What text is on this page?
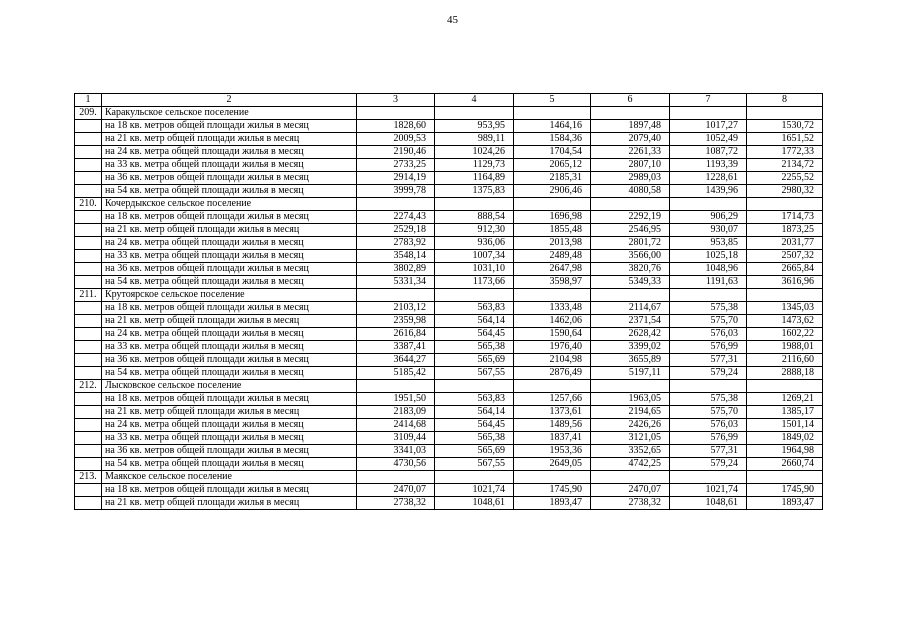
45
1	2	3	4	5	6	7	8
209.	Каракульское сельское поселение						
	на 18 кв. метров общей площади жилья в месяц	1828,60	953,95	1464,16	1897,48	1017,27	1530,72
	на 21 кв. метр общей площади жилья в месяц	2009,53	989,11	1584,36	2079,40	1052,49	1651,52
	на 24 кв. метра общей площади жилья в месяц	2190,46	1024,26	1704,54	2261,33	1087,72	1772,33
	на 33 кв. метра общей площади жилья в месяц	2733,25	1129,73	2065,12	2807,10	1193,39	2134,72
	на 36 кв. метров общей площади жилья в месяц	2914,19	1164,89	2185,31	2989,03	1228,61	2255,52
	на 54 кв. метра общей площади жилья в месяц	3999,78	1375,83	2906,46	4080,58	1439,96	2980,32
210.	Кочердыкское сельское поселение						
	на 18 кв. метров общей площади жилья в месяц	2274,43	888,54	1696,98	2292,19	906,29	1714,73
	на 21 кв. метр общей площади жилья в месяц	2529,18	912,30	1855,48	2546,95	930,07	1873,25
	на 24 кв. метра общей площади жилья в месяц	2783,92	936,06	2013,98	2801,72	953,85	2031,77
	на 33 кв. метра общей площади жилья в месяц	3548,14	1007,34	2489,48	3566,00	1025,18	2507,32
	на 36 кв. метров общей площади жилья в месяц	3802,89	1031,10	2647,98	3820,76	1048,96	2665,84
	на 54 кв. метра общей площади жилья в месяц	5331,34	1173,66	3598,97	5349,33	1191,63	3616,96
211.	Крутоярское сельское поселение						
	на 18 кв. метров общей площади жилья в месяц	2103,12	563,83	1333,48	2114,67	575,38	1345,03
	на 21 кв. метр общей площади жилья в месяц	2359,98	564,14	1462,06	2371,54	575,70	1473,62
	на 24 кв. метра общей площади жилья в месяц	2616,84	564,45	1590,64	2628,42	576,03	1602,22
	на 33 кв. метра общей площади жилья в месяц	3387,41	565,38	1976,40	3399,02	576,99	1988,01
	на 36 кв. метров общей площади жилья в месяц	3644,27	565,69	2104,98	3655,89	577,31	2116,60
	на 54 кв. метра общей площади жилья в месяц	5185,42	567,55	2876,49	5197,11	579,24	2888,18
212.	Лысковское сельское поселение						
	на 18 кв. метров общей площади жилья в месяц	1951,50	563,83	1257,66	1963,05	575,38	1269,21
	на 21 кв. метр общей площади жилья в месяц	2183,09	564,14	1373,61	2194,65	575,70	1385,17
	на 24 кв. метра общей площади жилья в месяц	2414,68	564,45	1489,56	2426,26	576,03	1501,14
	на 33 кв. метра общей площади жилья в месяц	3109,44	565,38	1837,41	3121,05	576,99	1849,02
	на 36 кв. метров общей площади жилья в месяц	3341,03	565,69	1953,36	3352,65	577,31	1964,98
	на 54 кв. метра общей площади жилья в месяц	4730,56	567,55	2649,05	4742,25	579,24	2660,74
213.	Маякское сельское поселение						
	на 18 кв. метров общей площади жилья в месяц	2470,07	1021,74	1745,90	2470,07	1021,74	1745,90
	на 21 кв. метр общей площади жилья в месяц	2738,32	1048,61	1893,47	2738,32	1048,61	1893,47
